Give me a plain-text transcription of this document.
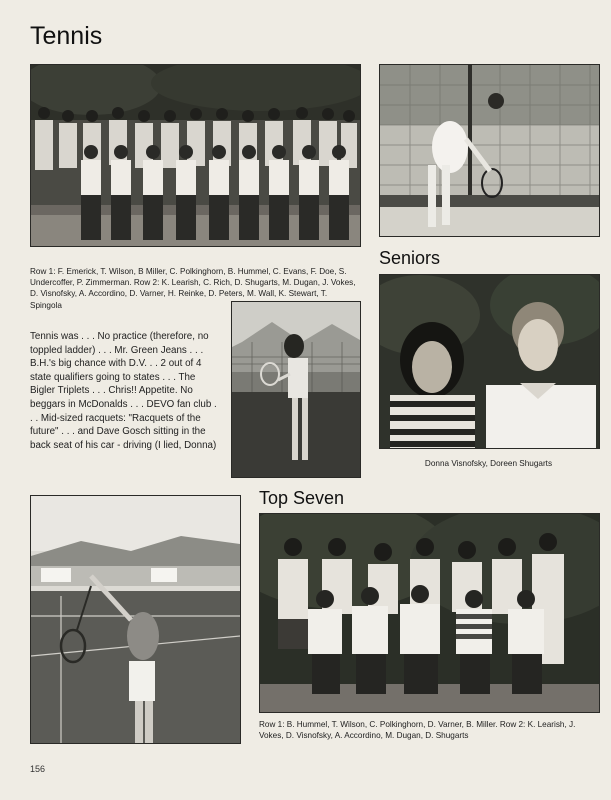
Tennis
Row 1: F. Emerick, T. Wilson, B Miller, C. Polkinghorn, B. Hummel, C. Evans, F. Doe, S. Undercoffer, P. Zimmerman. Row 2: K. Learish, C. Rich, D. Shugarts, M. Dugan, J. Vokes, D. Visnofsky, A. Accordino, D. Varner, H. Reinke, D. Peters, M. Wall, K. Stewart, T. Spingola
Tennis was . . . No practice (therefore, no toppled ladder) . . . Mr. Green Jeans . . . B.H.'s big chance with D.V. . . 2 out of 4 state qualifiers going to states . . . The Bigler Triplets . . . Chris!! Appetite. No beggars in McDonalds . . . DEVO fan club . . . Mid-sized racquets: "Racquets of the future" . . . and Dave Gosch sitting in the back seat of his car - driving (I lied, Donna)
Seniors
Donna Visnofsky, Doreen Shugarts
Top Seven
Row 1: B. Hummel, T. Wilson, C. Polkinghorn, D. Varner, B. Miller. Row 2: K. Learish, J. Vokes, D. Visnofsky, A. Accordino, M. Dugan, D. Shugarts
156
